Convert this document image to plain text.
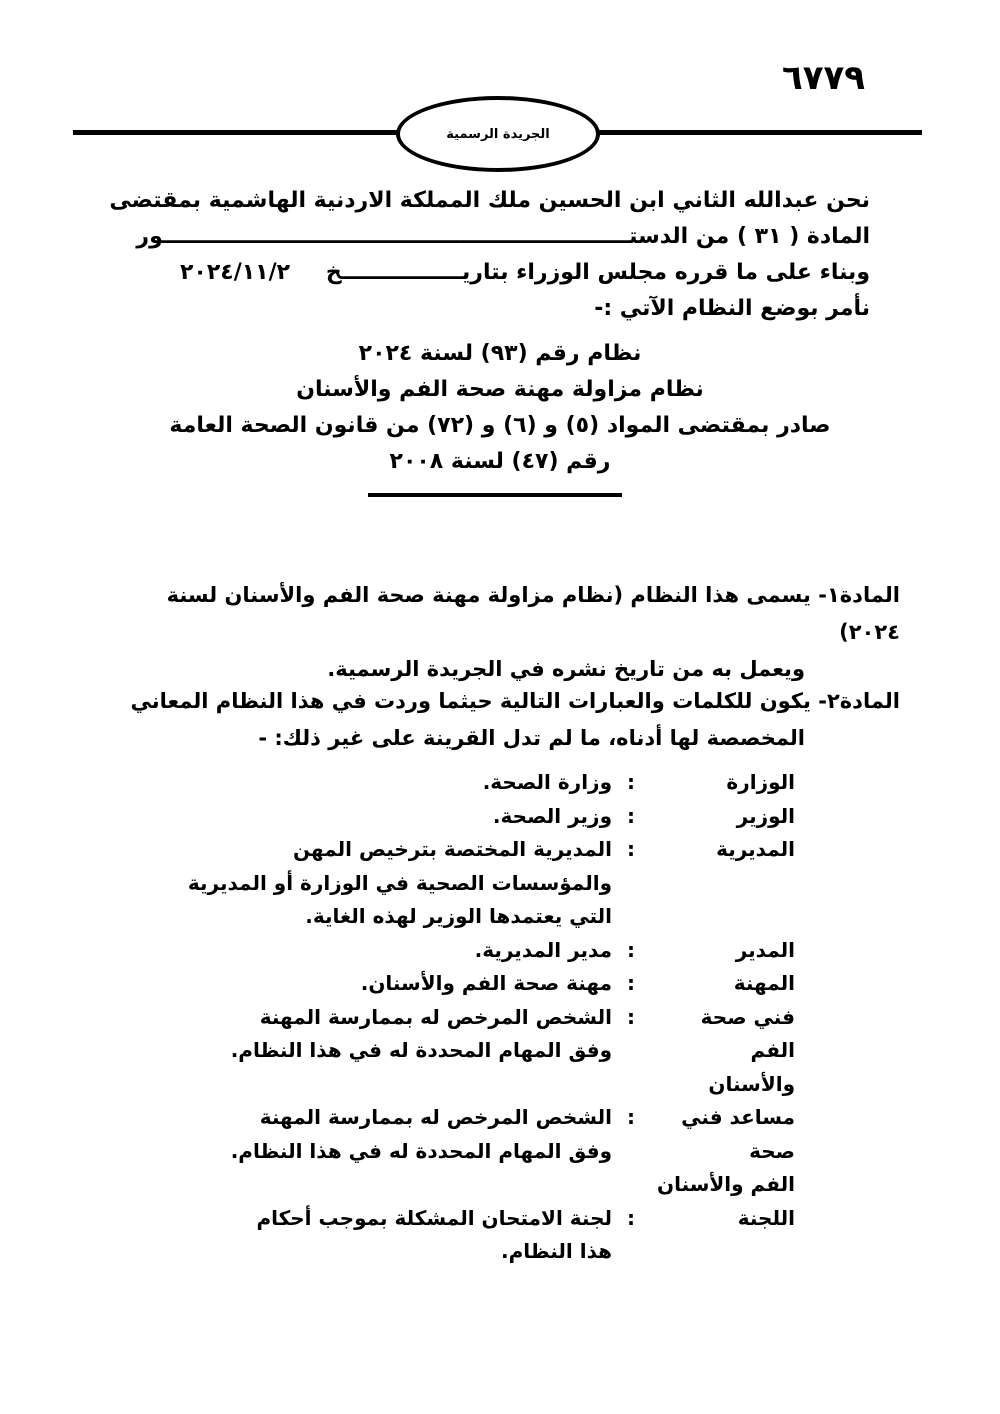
٦٧٧٩
الجريدة الرسمية
نحن عبدالله الثاني ابن الحسين ملك المملكة الاردنية الهاشمية بمقتضى
المادة ( ٣١ ) من الدستـــــــــــــــــــــــــــــــــــــــــ
ـــــــــــــــــــــور
وبناء على ما قرره مجلس الوزراء بتاريــــــــــــــــخ
٢٠٢٤/١١/٢
نأمر بوضع النظام الآتي :-
نظام رقم (٩٣) لسنة ٢٠٢٤
نظام مزاولة مهنة صحة الفم والأسنان
صادر بمقتضى المواد (٥) و (٦) و (٧٢) من قانون الصحة العامة
رقم (٤٧) لسنة ٢٠٠٨
المادة١- يسمى هذا النظام (نظام مزاولة مهنة صحة الفم والأسنان لسنة ٢٠٢٤)
ويعمل به من تاريخ نشره في الجريدة الرسمية.
المادة٢- يكون للكلمات والعبارات التالية حيثما وردت في هذا النظام المعاني
المخصصة لها أدناه، ما لم تدل القرينة على غير ذلك: -
الوزارة
:
وزارة الصحة.
الوزير
:
وزير الصحة.
المديرية
:
المديرية المختصة بترخيص المهن
والمؤسسات الصحية في الوزارة أو المديرية
التي يعتمدها الوزير لهذه الغاية.
المدير
:
مدير المديرية.
المهنة
:
مهنة صحة الفم والأسنان.
فني صحة الفم
والأسنان
:
الشخص المرخص له بممارسة المهنة
وفق المهام المحددة له في هذا النظام.
مساعد فني صحة
الفم والأسنان
:
الشخص المرخص له بممارسة المهنة
وفق المهام المحددة له في هذا النظام.
اللجنة
:
لجنة الامتحان المشكلة بموجب أحكام
هذا النظام.
